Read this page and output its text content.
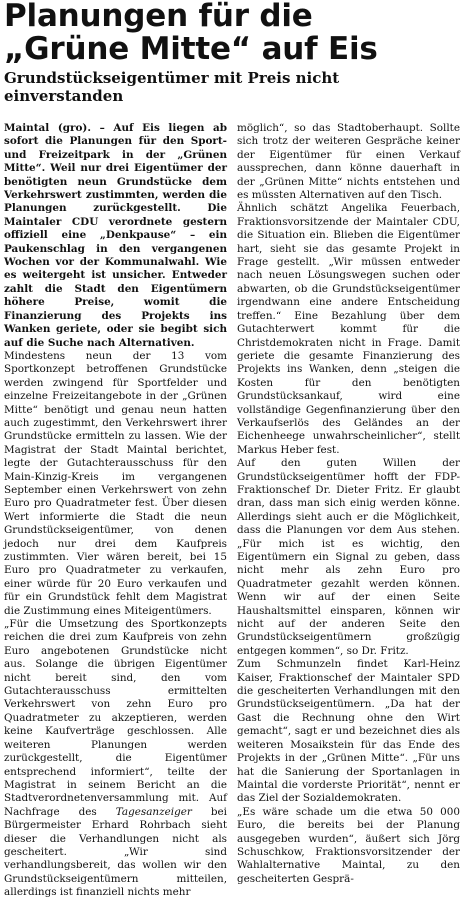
Planungen für die
„Grüne Mitte“ auf Eis
Grundstückseigentümer mit Preis nicht einverstanden

Maintal (gro). – Auf Eis liegen ab sofort die Planungen für den Sport- und Freizeitpark in der „Grünen Mitte“. Weil nur drei Eigentümer der benötigten neun Grundstücke dem Verkehrswert zustimmten, werden die Planungen zurückgestellt. Die Maintaler CDU verordnete gestern offiziell eine „Denkpause“ – ein Paukenschlag in den vergangenen Wochen vor der Kommunalwahl. Wie es weitergeht ist unsicher. Entweder zahlt die Stadt den Eigentümern höhere Preise, womit die Finanzierung des Projekts ins Wanken geriete, oder sie begibt sich auf die Suche nach Alternativen.

Mindestens neun der 13 vom Sportkonzept betroffenen Grundstücke werden zwingend für Sportfelder und einzelne Freizeitangebote in der „Grünen Mitte“ benötigt und genau neun hatten auch zugestimmt, den Verkehrswert ihrer Grundstücke ermitteln zu lassen. Wie der Magistrat der Stadt Maintal berichtet, legte der Gutachterausschuss für den Main-Kinzig-Kreis im vergangenen September einen Verkehrswert von zehn Euro pro Quadratmeter fest. Über diesen Wert informierte die Stadt die neun Grundstückseigentümer, von denen jedoch nur drei dem Kaufpreis zustimmten. Vier wären bereit, bei 15 Euro pro Quadratmeter zu verkaufen, einer würde für 20 Euro verkaufen und für ein Grundstück fehlt dem Magistrat die Zustimmung eines Miteigentümers.

„Für die Umsetzung des Sportkonzepts reichen die drei zum Kaufpreis von zehn Euro angebotenen Grundstücke nicht aus. Solange die übrigen Eigentümer nicht bereit sind, den vom Gutachterausschuss ermittelten Verkehrswert von zehn Euro pro Quadratmeter zu akzeptieren, werden keine Kaufverträge geschlossen. Alle weiteren Planungen werden zurückgestellt, die Eigentümer entsprechend informiert“, teilte der Magistrat in seinem Bericht an die Stadtverordnetenversammlung mit. Auf Nachfrage des Tagesanzeiger bei Bürgermeister Erhard Rohrbach sieht dieser die Verhandlungen nicht als gescheitert. „Wir sind verhandlungsbereit, das wollen wir den Grundstückseigentümern mitteilen, allerdings ist finanziell nichts mehr

möglich“, so das Stadtoberhaupt. Sollte sich trotz der weiteren Gespräche keiner der Eigentümer für einen Verkauf aussprechen, dann könne dauerhaft in der „Grünen Mitte“ nichts entstehen und es müssten Alternativen auf den Tisch.

Ähnlich schätzt Angelika Feuerbach, Fraktionsvorsitzende der Maintaler CDU, die Situation ein. Blieben die Eigentümer hart, sieht sie das gesamte Projekt in Frage gestellt. „Wir müssen entweder nach neuen Lösungswegen suchen oder abwarten, ob die Grundstückseigentümer irgendwann eine andere Entscheidung treffen.“ Eine Bezahlung über dem Gutachterwert kommt für die Christdemokraten nicht in Frage. Damit geriete die gesamte Finanzierung des Projekts ins Wanken, denn „steigen die Kosten für den benötigten Grundstücksankauf, wird eine vollständige Gegenfinanzierung über den Verkaufserlös des Geländes an der Eichenheege unwahrscheinlicher“, stellt Markus Heber fest.

Auf den guten Willen der Grundstückseigentümer hofft der FDP-Fraktionschef Dr. Dieter Fritz. Er glaubt dran, dass man sich einig werden könne. Allerdings sieht auch er die Möglichkeit, dass die Planungen vor dem Aus stehen. „Für mich ist es wichtig, den Eigentümern ein Signal zu geben, dass nicht mehr als zehn Euro pro Quadratmeter gezahlt werden können. Wenn wir auf der einen Seite Haushaltsmittel einsparen, können wir nicht auf der anderen Seite den Grundstückseigentümern großzügig entgegen kommen“, so Dr. Fritz.

Zum Schmunzeln findet Karl-Heinz Kaiser, Fraktionschef der Maintaler SPD die gescheiterten Verhandlungen mit den Grundstückseigentümern. „Da hat der Gast die Rechnung ohne den Wirt gemacht“, sagt er und bezeichnet dies als weiteren Mosaikstein für das Ende des Projekts in der „Grünen Mitte“. „Für uns hat die Sanierung der Sportanlagen in Maintal die vorderste Priorität“, nennt er das Ziel der Sozialdemokraten.

„Es wäre schade um die etwa 50 000 Euro, die bereits bei der Planung ausgegeben wurden“, äußert sich Jörg Schuschkow, Fraktionsvorsitzender der Wahlalternative Maintal, zu den gescheiterten Gesprä-
